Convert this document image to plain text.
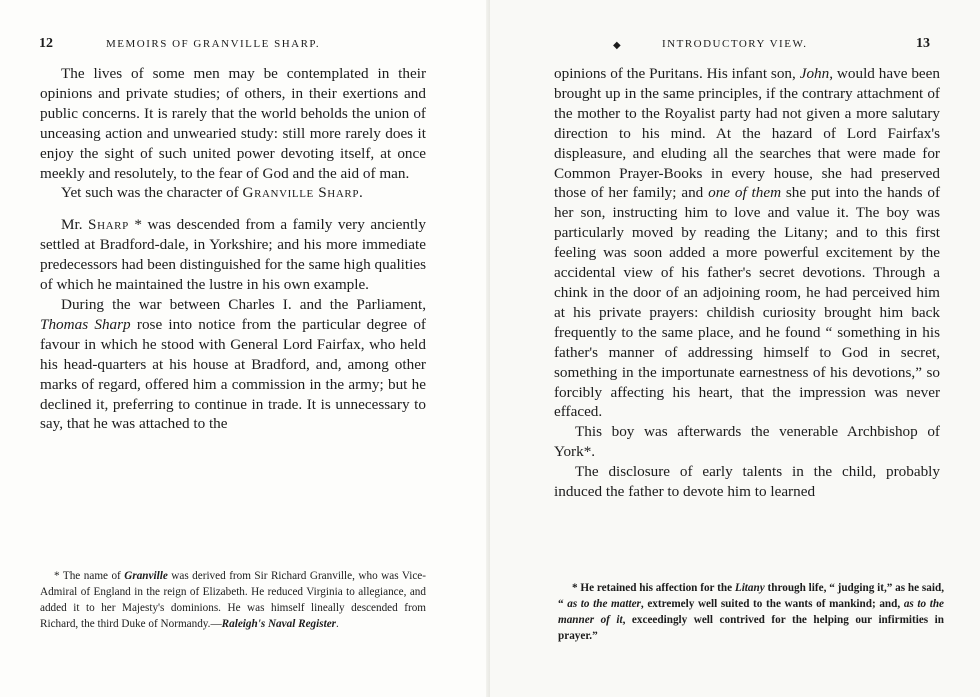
12	MEMOIRS OF GRANVILLE SHARP.

The lives of some men may be contemplated in their opinions and private studies; of others, in their exertions and public concerns. It is rarely that the world beholds the union of unceasing action and unwearied study: still more rarely does it enjoy the sight of such united power devoting itself, at once meekly and resolutely, to the fear of God and the aid of man.

Yet such was the character of Granville Sharp.

Mr. Sharp * was descended from a family very anciently settled at Bradford-dale, in Yorkshire; and his more immediate predecessors had been distinguished for the same high qualities of which he maintained the lustre in his own example.

During the war between Charles I. and the Parliament, Thomas Sharp rose into notice from the particular degree of favour in which he stood with General Lord Fairfax, who held his head-quarters at his house at Bradford, and, among other marks of regard, offered him a commission in the army; but he declined it, preferring to continue in trade. It is unnecessary to say, that he was attached to the

* The name of Granville was derived from Sir Richard Granville, who was Vice-Admiral of England in the reign of Elizabeth. He reduced Virginia to allegiance, and added it to her Majesty's dominions. He was himself lineally descended from Richard, the third Duke of Normandy.—Raleigh's Naval Register.

◆	INTRODUCTORY VIEW.	13

opinions of the Puritans. His infant son, John, would have been brought up in the same principles, if the contrary attachment of the mother to the Royalist party had not given a more salutary direction to his mind. At the hazard of Lord Fairfax's displeasure, and eluding all the searches that were made for Common Prayer-Books in every house, she had preserved those of her family; and one of them she put into the hands of her son, instructing him to love and value it. The boy was particularly moved by reading the Litany; and to this first feeling was soon added a more powerful excitement by the accidental view of his father's secret devotions. Through a chink in the door of an adjoining room, he had perceived him at his private prayers: childish curiosity brought him back frequently to the same place, and he found “ something in his father's manner of addressing himself to God in secret, something in the importunate earnestness of his devotions,” so forcibly affecting his heart, that the impression was never effaced.

This boy was afterwards the venerable Archbishop of York*.

The disclosure of early talents in the child, probably induced the father to devote him to learned

* He retained his affection for the Litany through life, “ judging it,” as he said, “ as to the matter, extremely well suited to the wants of mankind; and, as to the manner of it, exceedingly well contrived for the helping our infirmities in prayer.”
